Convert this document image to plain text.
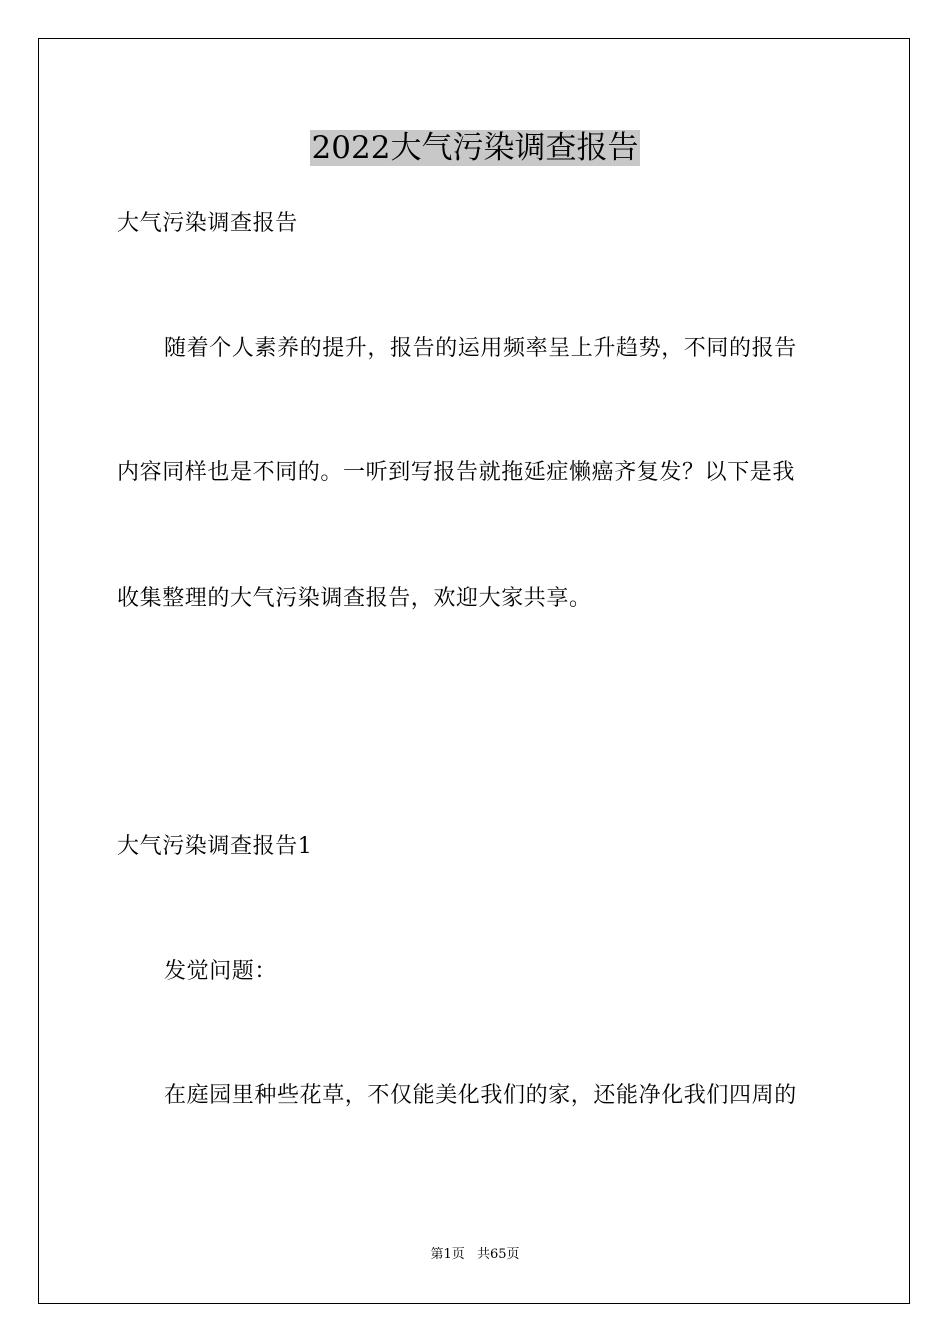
2022大气污染调查报告
大气污染调查报告
随着个人素养的提升，报告的运用频率呈上升趋势，不同的报告
内容同样也是不同的。一听到写报告就拖延症懒癌齐复发？以下是我
收集整理的大气污染调查报告，欢迎大家共享。
大气污染调查报告1
发觉问题：
在庭园里种些花草，不仅能美化我们的家，还能净化我们四周的
第1页 共65页
